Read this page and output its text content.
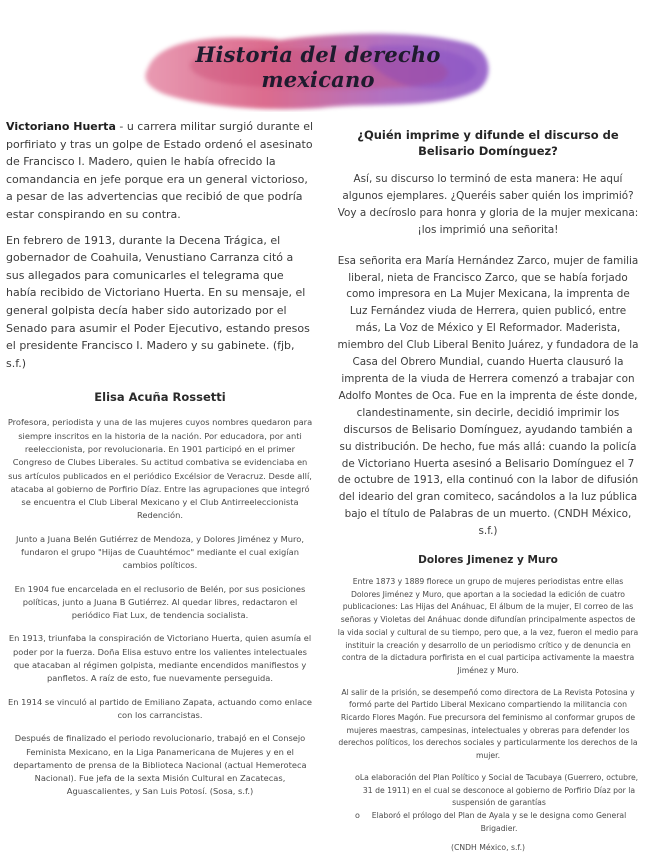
Historia del derecho mexicano

Victoriano Huerta - u carrera militar surgió durante el porfiriato y tras un golpe de Estado ordenó el asesinato de Francisco I. Madero, quien le había ofrecido la comandancia en jefe porque era un general victorioso, a pesar de las advertencias que recibió de que podría estar conspirando en su contra.

En febrero de 1913, durante la Decena Trágica, el gobernador de Coahuila, Venustiano Carranza citó a sus allegados para comunicarles el telegrama que había recibido de Victoriano Huerta. En su mensaje, el general golpista decía haber sido autorizado por el Senado para asumir el Poder Ejecutivo, estando presos el presidente Francisco I. Madero y su gabinete. (fjb, s.f.)

Elisa Acuña Rossetti

Profesora, periodista y una de las mujeres cuyos nombres quedaron para siempre inscritos en la historia de la nación. Por educadora, por anti reeleccionista, por revolucionaria. En 1901 participó en el primer Congreso de Clubes Liberales. Su actitud combativa se evidenciaba en sus artículos publicados en el periódico Excélsior de Veracruz. Desde allí, atacaba al gobierno de Porfirio Díaz. Entre las agrupaciones que integró se encuentra el Club Liberal Mexicano y el Club Antirreeleccionista Redención.

Junto a Juana Belén Gutiérrez de Mendoza, y Dolores Jiménez y Muro, fundaron el grupo "Hijas de Cuauhtémoc" mediante el cual exigían cambios políticos.

En 1904 fue encarcelada en el reclusorio de Belén, por sus posiciones políticas, junto a Juana B Gutiérrez. Al quedar libres, redactaron el periódico Fiat Lux, de tendencia socialista.

En 1913, triunfaba la conspiración de Victoriano Huerta, quien asumía el poder por la fuerza. Doña Elisa estuvo entre los valientes intelectuales que atacaban al régimen golpista, mediante encendidos manifiestos y panfletos. A raíz de esto, fue nuevamente perseguida.

En 1914 se vinculó al partido de Emiliano Zapata, actuando como enlace con los carrancistas.

Después de finalizado el periodo revolucionario, trabajó en el Consejo Feminista Mexicano, en la Liga Panamericana de Mujeres y en el departamento de prensa de la Biblioteca Nacional (actual Hemeroteca Nacional). Fue jefa de la sexta Misión Cultural en Zacatecas, Aguascalientes, y San Luis Potosí. (Sosa, s.f.)

¿Quién imprime y difunde el discurso de Belisario Domínguez?

Así, su discurso lo terminó de esta manera: He aquí algunos ejemplares. ¿Queréis saber quién los imprimió? Voy a decíroslo para honra y gloria de la mujer mexicana: ¡los imprimió una señorita!

Esa señorita era María Hernández Zarco, mujer de familia liberal, nieta de Francisco Zarco, que se había forjado como impresora en La Mujer Mexicana, la imprenta de Luz Fernández viuda de Herrera, quien publicó, entre más, La Voz de México y El Reformador. Maderista, miembro del Club Liberal Benito Juárez, y fundadora de la Casa del Obrero Mundial, cuando Huerta clausuró la imprenta de la viuda de Herrera comenzó a trabajar con Adolfo Montes de Oca. Fue en la imprenta de éste donde, clandestinamente, sin decirle, decidió imprimir los discursos de Belisario Domínguez, ayudando también a su distribución. De hecho, fue más allá: cuando la policía de Victoriano Huerta asesinó a Belisario Domínguez el 7 de octubre de 1913, ella continuó con la labor de difusión del ideario del gran comiteco, sacándolos a la luz pública bajo el título de Palabras de un muerto. (CNDH México, s.f.)

Dolores Jimenez y Muro

Entre 1873 y 1889 florece un grupo de mujeres periodistas entre ellas Dolores Jiménez y Muro, que aportan a la sociedad la edición de cuatro publicaciones: Las Hijas del Anáhuac, El álbum de la mujer, El correo de las señoras y Violetas del Anáhuac donde difundían principalmente aspectos de la vida social y cultural de su tiempo, pero que, a la vez, fueron el medio para instituir la creación y desarrollo de un periodismo crítico y de denuncia en contra de la dictadura porfirista en el cual participa activamente la maestra Jiménez y Muro.

Al salir de la prisión, se desempeñó como directora de La Revista Potosina y formó parte del Partido Liberal Mexicano compartiendo la militancia con Ricardo Flores Magón. Fue precursora del feminismo al conformar grupos de mujeres maestras, campesinas, intelectuales y obreras para defender los derechos políticos, los derechos sociales y particularmente los derechos de la mujer.

o La elaboración del Plan Político y Social de Tacubaya (Guerrero, octubre, 31 de 1911) en el cual se desconoce al gobierno de Porfirio Díaz por la suspensión de garantías
o Elaboró el prólogo del Plan de Ayala y se le designa como General Brigadier.
(CNDH México, s.f.)
